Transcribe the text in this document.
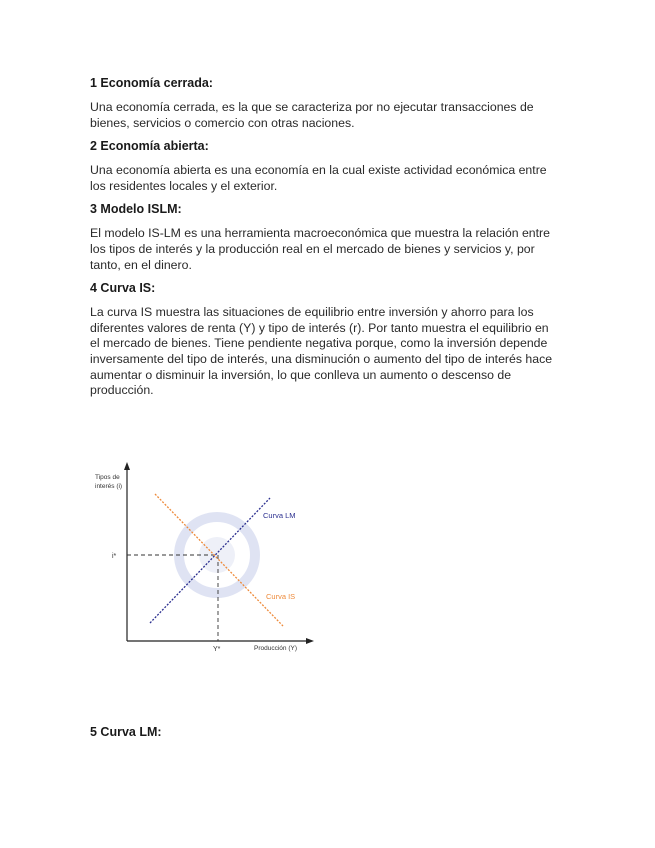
1 Economía cerrada:

Una economía cerrada, es la que se caracteriza por no ejecutar transacciones de bienes, servicios o comercio con otras naciones.

2 Economía abierta:

Una economía abierta es una economía en la cual existe actividad económica entre los residentes locales y el exterior.

3 Modelo ISLM:

El modelo IS-LM es una herramienta macroeconómica que muestra la relación entre los tipos de interés y la producción real en el mercado de bienes y servicios y, por tanto, en el dinero.

4 Curva IS:

La curva IS muestra las situaciones de equilibrio entre inversión y ahorro para los diferentes valores de renta (Y) y tipo de interés (r). Por tanto muestra el equilibrio en el mercado de bienes. Tiene pendiente negativa porque, como la inversión depende inversamente del tipo de interés, una disminución o aumento del tipo de interés hace aumentar o disminuir la inversión, lo que conlleva un aumento o descenso de producción.

Tipos de
interés (i)
i*
Y*	Producción (Y)
Curva LM
Curva IS
5 Curva LM:
